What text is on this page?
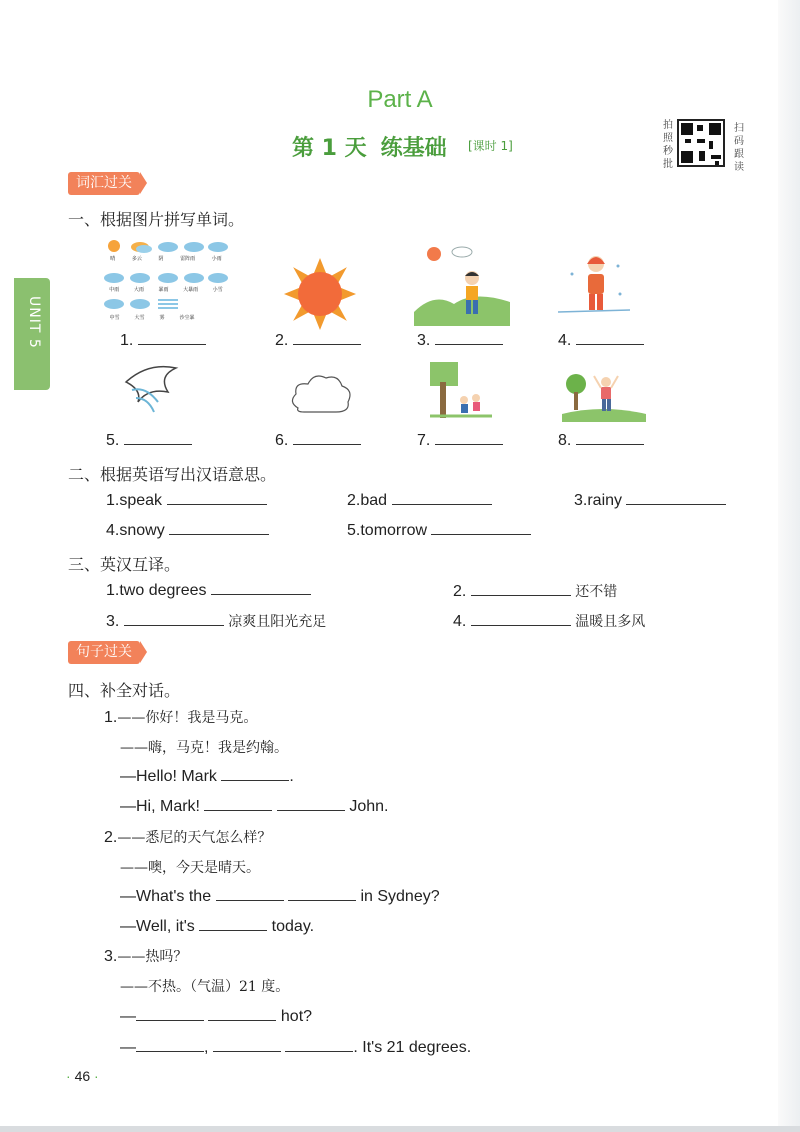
Part A
第 1 天 练基础 [课时 1]
拍照秒批
扫码跟读
UNIT 5
词汇过关
一、根据图片拼写单词。
晴	多云	阴	雷阵雨	小雨
中雨	大雨	暴雨	大暴雨	小雪
中雪	大雪	雾	沙尘暴
1.	2.	3.	4.
5.	6.	7.	8.
二、根据英语写出汉语意思。
1.speak	2.bad	3.rainy
4.snowy	5.tomorrow
三、英汉互译。
1.two degrees	2.	还不错
3.	凉爽且阳光充足	4.	温暖且多风
句子过关
四、补全对话。
1.——你好！我是马克。
——嗨，马克！我是约翰。
—Hello! Mark	.
—Hi, Mark!	John.
2.——悉尼的天气怎么样？
——噢，今天是晴天。
—What's the	in Sydney?
—Well, it's	today.
3.——热吗？
——不热。（气温）21 度。
—	hot?
—	,	. It's 21 degrees.
· 46 ·
